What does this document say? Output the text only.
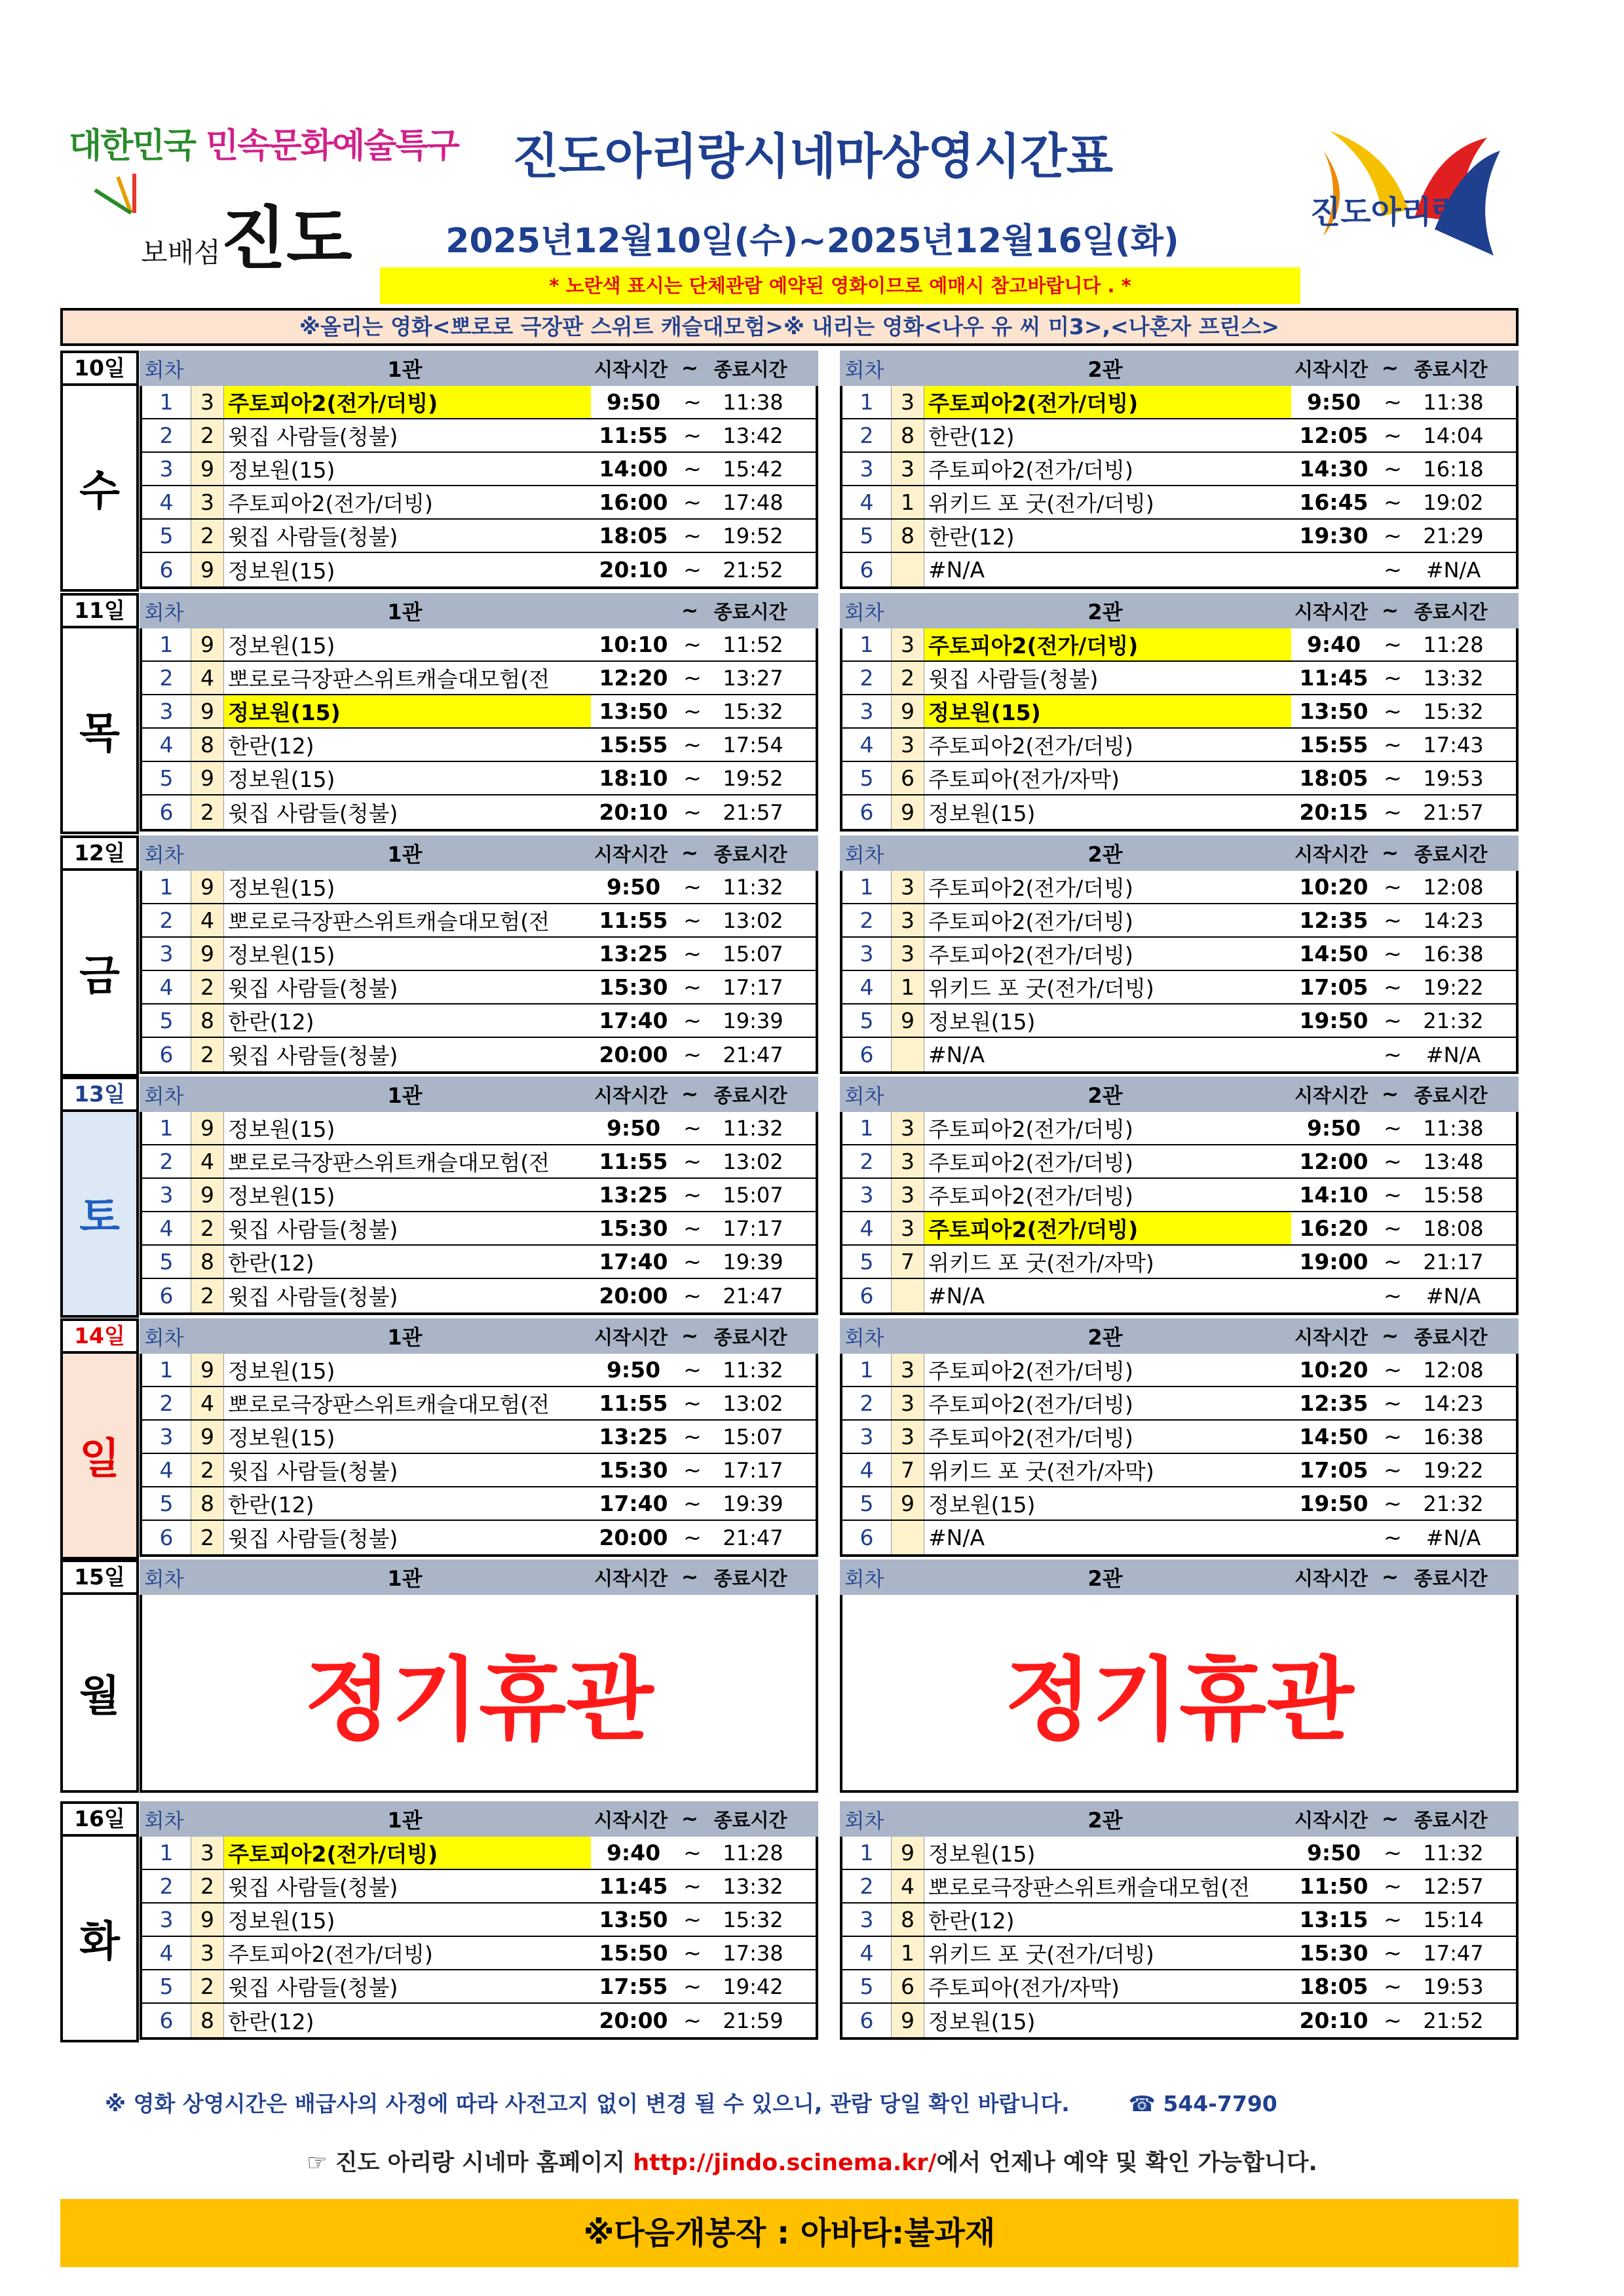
대한민국 민속문화예술특구
보배섬진도	진도아리랑
진도아리랑시네마상영시간표
2025년12월10일(수)~2025년12월16일(화)
* 노란색 표시는 단체관람 예약된 영화이므로 예매시 참고바랍니다 . *
※올리는 영화<뽀로로 극장판 스위트 캐슬대모험>※ 내리는 영화<나우 유 씨 미3>,<나혼자 프린스>
10일
수
회차	1관	시작시간 ~ 종료시간
1	3 주토피아2(전가/더빙)	9:50	~	11:38
2	2 윗집 사람들(청불)	11:55 ~	13:42
3	9 정보원(15)	14:00 ~	15:42
4	3 주토피아2(전가/더빙)	16:00 ~	17:48
5	2 윗집 사람들(청불)	18:05 ~	19:52
6	9 정보원(15)	20:10 ~	21:52
회차	2관	시작시간 ~ 종료시간
1	3 주토피아2(전가/더빙)	9:50	~	11:38
2	8 한란(12)	12:05 ~	14:04
3	3 주토피아2(전가/더빙)	14:30 ~	16:18
4	1 위키드 포 굿(전가/더빙)	16:45 ~	19:02
5	8 한란(12)	19:30 ~	21:29
6	#N/A	~	#N/A
11일
목
회차	1관	~ 종료시간
1	9 정보원(15)	10:10 ~	11:52
2	4 뽀로로극장판스위트캐슬대모험(전	12:20 ~	13:27
3	9 정보원(15)	13:50 ~	15:32
4	8 한란(12)	15:55 ~	17:54
5	9 정보원(15)	18:10 ~	19:52
6	2 윗집 사람들(청불)	20:10 ~	21:57
회차	2관	시작시간 ~ 종료시간
1	3 주토피아2(전가/더빙)	9:40	~	11:28
2	2 윗집 사람들(청불)	11:45 ~	13:32
3	9 정보원(15)	13:50 ~	15:32
4	3 주토피아2(전가/더빙)	15:55 ~	17:43
5	6 주토피아(전가/자막)	18:05 ~	19:53
6	9 정보원(15)	20:15 ~	21:57
12일
금
회차	1관	시작시간 ~ 종료시간
1	9 정보원(15)	9:50	~	11:32
2	4 뽀로로극장판스위트캐슬대모험(전	11:55 ~	13:02
3	9 정보원(15)	13:25 ~	15:07
4	2 윗집 사람들(청불)	15:30 ~	17:17
5	8 한란(12)	17:40 ~	19:39
6	2 윗집 사람들(청불)	20:00 ~	21:47
회차	2관	시작시간 ~ 종료시간
1	3 주토피아2(전가/더빙)	10:20 ~	12:08
2	3 주토피아2(전가/더빙)	12:35 ~	14:23
3	3 주토피아2(전가/더빙)	14:50 ~	16:38
4	1 위키드 포 굿(전가/더빙)	17:05 ~	19:22
5	9 정보원(15)	19:50 ~	21:32
6	#N/A	~	#N/A
13일
토
회차	1관	시작시간 ~ 종료시간
1	9 정보원(15)	9:50	~	11:32
2	4 뽀로로극장판스위트캐슬대모험(전	11:55 ~	13:02
3	9 정보원(15)	13:25 ~	15:07
4	2 윗집 사람들(청불)	15:30 ~	17:17
5	8 한란(12)	17:40 ~	19:39
6	2 윗집 사람들(청불)	20:00 ~	21:47
회차	2관	시작시간 ~ 종료시간
1	3 주토피아2(전가/더빙)	9:50	~	11:38
2	3 주토피아2(전가/더빙)	12:00 ~	13:48
3	3 주토피아2(전가/더빙)	14:10 ~	15:58
4	3 주토피아2(전가/더빙)	16:20 ~	18:08
5	7 위키드 포 굿(전가/자막)	19:00 ~	21:17
6	#N/A	~	#N/A
14일
일
회차	1관	시작시간 ~ 종료시간
1	9 정보원(15)	9:50	~	11:32
2	4 뽀로로극장판스위트캐슬대모험(전	11:55 ~	13:02
3	9 정보원(15)	13:25 ~	15:07
4	2 윗집 사람들(청불)	15:30 ~	17:17
5	8 한란(12)	17:40 ~	19:39
6	2 윗집 사람들(청불)	20:00 ~	21:47
회차	2관	시작시간 ~ 종료시간
1	3 주토피아2(전가/더빙)	10:20 ~	12:08
2	3 주토피아2(전가/더빙)	12:35 ~	14:23
3	3 주토피아2(전가/더빙)	14:50 ~	16:38
4	7 위키드 포 굿(전가/자막)	17:05 ~	19:22
5	9 정보원(15)	19:50 ~	21:32
6	#N/A	~	#N/A
15일
월
회차	1관	시작시간 ~ 종료시간
정기휴관
회차	2관	시작시간 ~ 종료시간
정기휴관
16일
화
회차	1관	시작시간 ~ 종료시간
1	3 주토피아2(전가/더빙)	9:40	~	11:28
2	2 윗집 사람들(청불)	11:45 ~	13:32
3	9 정보원(15)	13:50 ~	15:32
4	3 주토피아2(전가/더빙)	15:50 ~	17:38
5	2 윗집 사람들(청불)	17:55 ~	19:42
6	8 한란(12)	20:00 ~	21:59
회차	2관	시작시간 ~ 종료시간
1	9 정보원(15)	9:50	~	11:32
2	4 뽀로로극장판스위트캐슬대모험(전	11:50 ~	12:57
3	8 한란(12)	13:15 ~	15:14
4	1 위키드 포 굿(전가/더빙)	15:30 ~	17:47
5	6 주토피아(전가/자막)	18:05 ~	19:53
6	9 정보원(15)	20:10 ~	21:52
※ 영화 상영시간은 배급사의 사정에 따라 사전고지 없이 변경 될 수 있으니, 관람 당일 확인 바랍니다.	☎ 544-7790
☞ 진도 아리랑 시네마 홈페이지 http://jindo.scinema.kr/에서 언제나 예약 및 확인 가능합니다.
※다음개봉작 : 아바타:불과재
